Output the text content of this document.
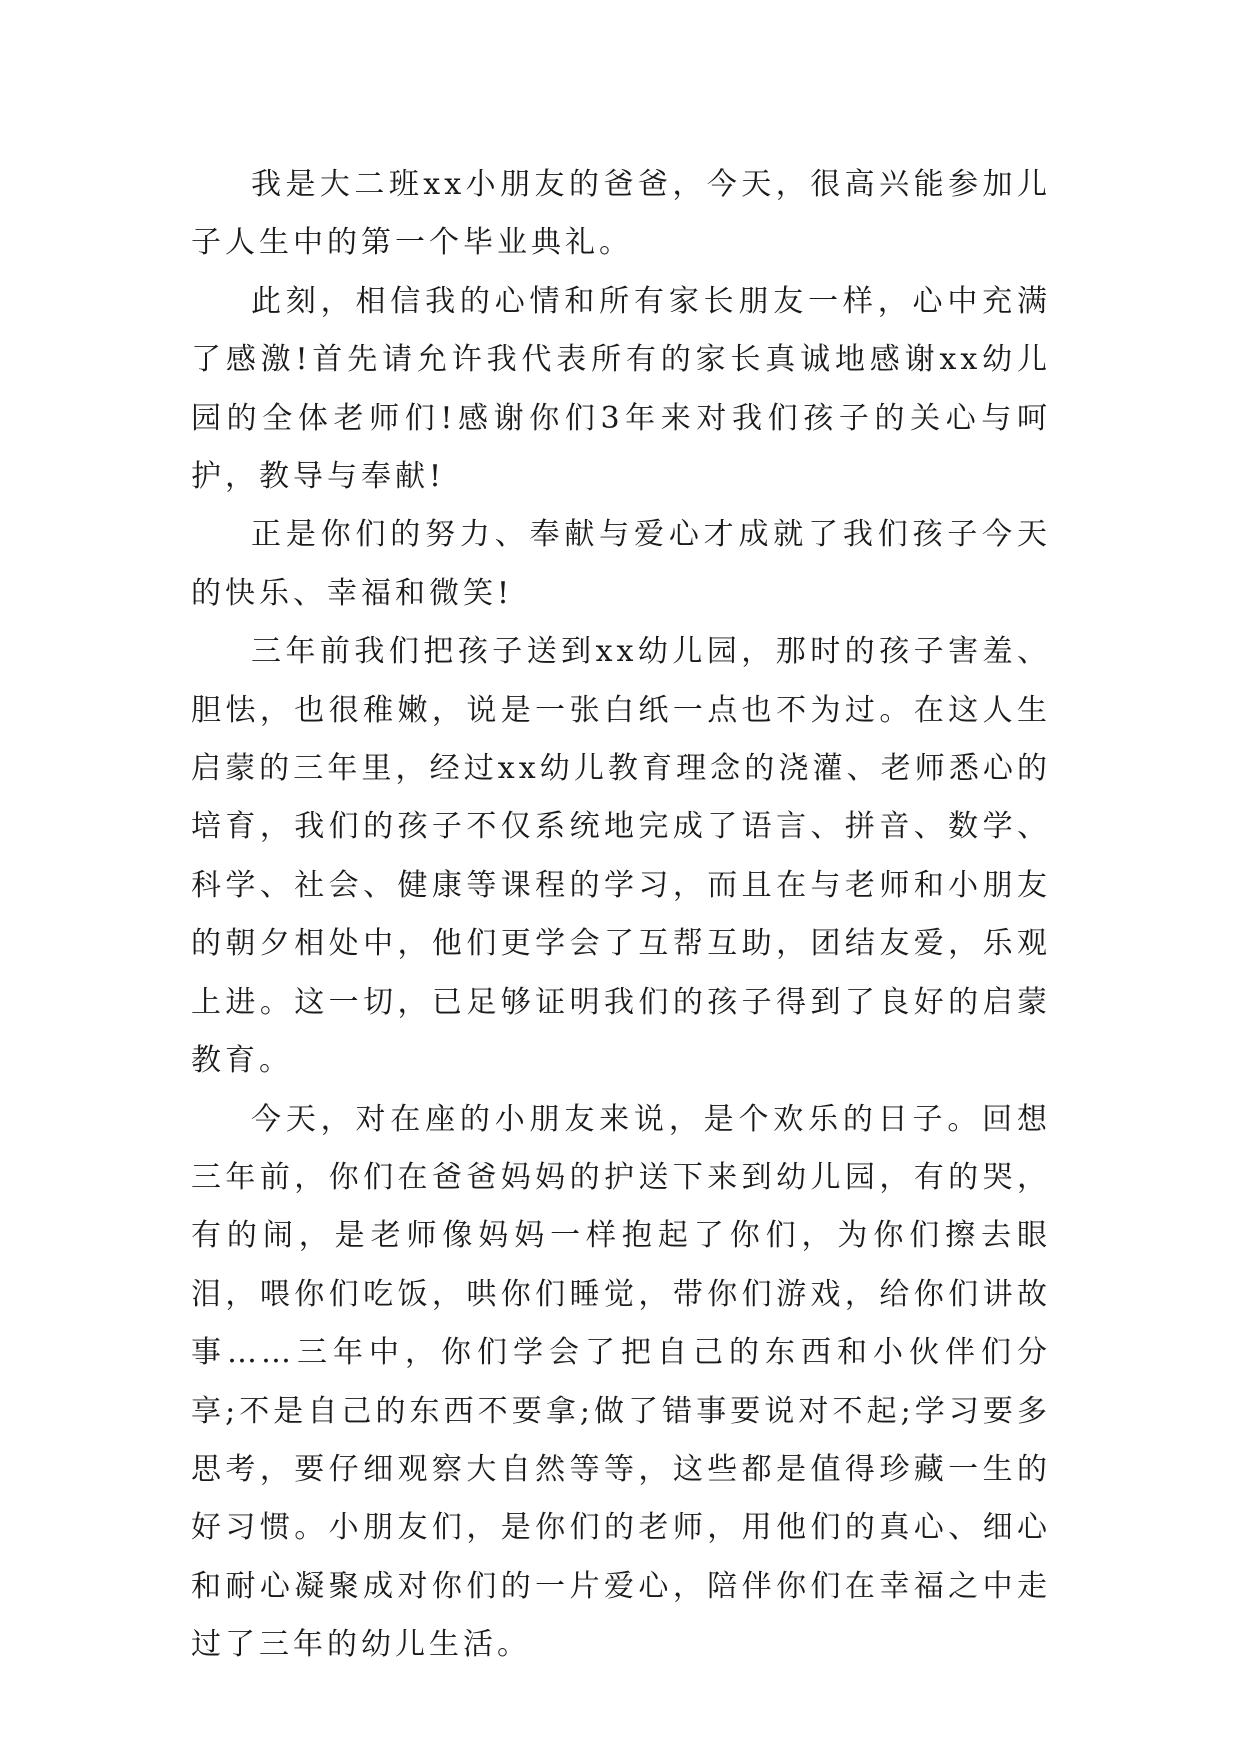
我是大二班xx小朋友的爸爸，今天，很高兴能参加儿子人生中的第一个毕业典礼。

此刻，相信我的心情和所有家长朋友一样，心中充满了感激!首先请允许我代表所有的家长真诚地感谢xx幼儿园的全体老师们!感谢你们3年来对我们孩子的关心与呵护，教导与奉献!

正是你们的努力、奉献与爱心才成就了我们孩子今天的快乐、幸福和微笑!

三年前我们把孩子送到xx幼儿园，那时的孩子害羞、胆怯，也很稚嫩，说是一张白纸一点也不为过。在这人生启蒙的三年里，经过xx幼儿教育理念的浇灌、老师悉心的培育，我们的孩子不仅系统地完成了语言、拼音、数学、科学、社会、健康等课程的学习，而且在与老师和小朋友的朝夕相处中，他们更学会了互帮互助，团结友爱，乐观上进。这一切，已足够证明我们的孩子得到了良好的启蒙教育。

今天，对在座的小朋友来说，是个欢乐的日子。回想三年前，你们在爸爸妈妈的护送下来到幼儿园，有的哭，有的闹，是老师像妈妈一样抱起了你们，为你们擦去眼泪，喂你们吃饭，哄你们睡觉，带你们游戏，给你们讲故事……三年中，你们学会了把自己的东西和小伙伴们分享;不是自己的东西不要拿;做了错事要说对不起;学习要多思考，要仔细观察大自然等等，这些都是值得珍藏一生的好习惯。小朋友们，是你们的老师，用他们的真心、细心和耐心凝聚成对你们的一片爱心，陪伴你们在幸福之中走过了三年的幼儿生活。
